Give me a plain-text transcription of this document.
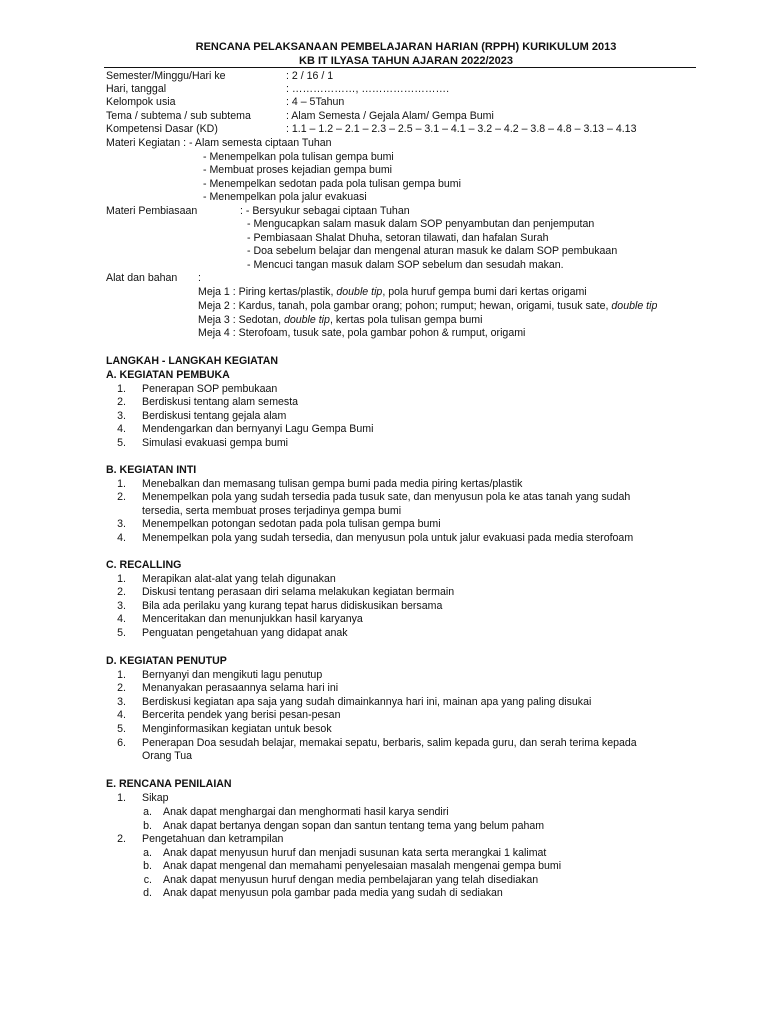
RENCANA PELAKSANAAN PEMBELAJARAN HARIAN (RPPH) KURIKULUM 2013
KB IT ILYASA TAHUN AJARAN 2022/2023
Semester/Minggu/Hari ke	: 2 / 16 / 1
Hari, tanggal	: ………………, …………………….
Kelompok usia	: 4 – 5Tahun
Tema / subtema / sub subtema	: Alam Semesta / Gejala Alam/ Gempa Bumi
Kompetensi Dasar (KD)	: 1.1 – 1.2 – 2.1 – 2.3 – 2.5 – 3.1 – 4.1 – 3.2 – 4.2 – 3.8 – 4.8 – 3.13 – 4.13
Materi Kegiatan : - Alam semesta ciptaan Tuhan
- Menempelkan pola tulisan gempa bumi
- Membuat proses kejadian gempa bumi
- Menempelkan sedotan pada pola tulisan gempa bumi
- Menempelkan pola jalur evakuasi
Materi Pembiasaan	: - Bersyukur sebagai ciptaan Tuhan
- Mengucapkan salam masuk dalam SOP penyambutan dan penjemputan
- Pembiasaan Shalat Dhuha, setoran tilawati, dan hafalan Surah
- Doa sebelum belajar dan mengenal aturan masuk ke dalam SOP pembukaan
- Mencuci tangan masuk dalam SOP sebelum dan sesudah makan.
Alat dan bahan :
Meja 1 : Piring kertas/plastik, double tip, pola huruf gempa bumi dari kertas origami
Meja 2 : Kardus, tanah, pola gambar orang; pohon; rumput; hewan, origami, tusuk sate, double tip
Meja 3 : Sedotan, double tip, kertas pola tulisan gempa bumi
Meja 4 : Sterofoam, tusuk sate, pola gambar pohon & rumput, origami
LANGKAH - LANGKAH KEGIATAN
A. KEGIATAN PEMBUKA
1. Penerapan SOP pembukaan
2. Berdiskusi tentang alam semesta
3. Berdiskusi tentang gejala alam
4. Mendengarkan dan bernyanyi Lagu Gempa Bumi
5. Simulasi evakuasi gempa bumi
B. KEGIATAN INTI
1. Menebalkan dan memasang tulisan gempa bumi pada media piring kertas/plastik
2. Menempelkan pola yang sudah tersedia pada tusuk sate, dan menyusun pola ke atas tanah yang sudah
tersedia, serta membuat proses terjadinya gempa bumi
3. Menempelkan potongan sedotan pada pola tulisan gempa bumi
4. Menempelkan pola yang sudah tersedia, dan menyusun pola untuk jalur evakuasi pada media sterofoam
C. RECALLING
1. Merapikan alat-alat yang telah digunakan
2. Diskusi tentang perasaan diri selama melakukan kegiatan bermain
3. Bila ada perilaku yang kurang tepat harus didiskusikan bersama
4. Menceritakan dan menunjukkan hasil karyanya
5. Penguatan pengetahuan yang didapat anak
D. KEGIATAN PENUTUP
1. Bernyanyi dan mengikuti lagu penutup
2. Menanyakan perasaannya selama hari ini
3. Berdiskusi kegiatan apa saja yang sudah dimainkannya hari ini, mainan apa yang paling disukai
4. Bercerita pendek yang berisi pesan-pesan
5. Menginformasikan kegiatan untuk besok
6. Penerapan Doa sesudah belajar, memakai sepatu, berbaris, salim kepada guru, dan serah terima kepada
Orang Tua
E. RENCANA PENILAIAN
1. Sikap
a. Anak dapat menghargai dan menghormati hasil karya sendiri
b. Anak dapat bertanya dengan sopan dan santun tentang tema yang belum paham
2. Pengetahuan dan ketrampilan
a. Anak dapat menyusun huruf dan menjadi susunan kata serta merangkai 1 kalimat
b. Anak dapat mengenal dan memahami penyelesaian masalah mengenai gempa bumi
c. Anak dapat menyusun huruf dengan media pembelajaran yang telah disediakan
d. Anak dapat menyusun pola gambar pada media yang sudah di sediakan
